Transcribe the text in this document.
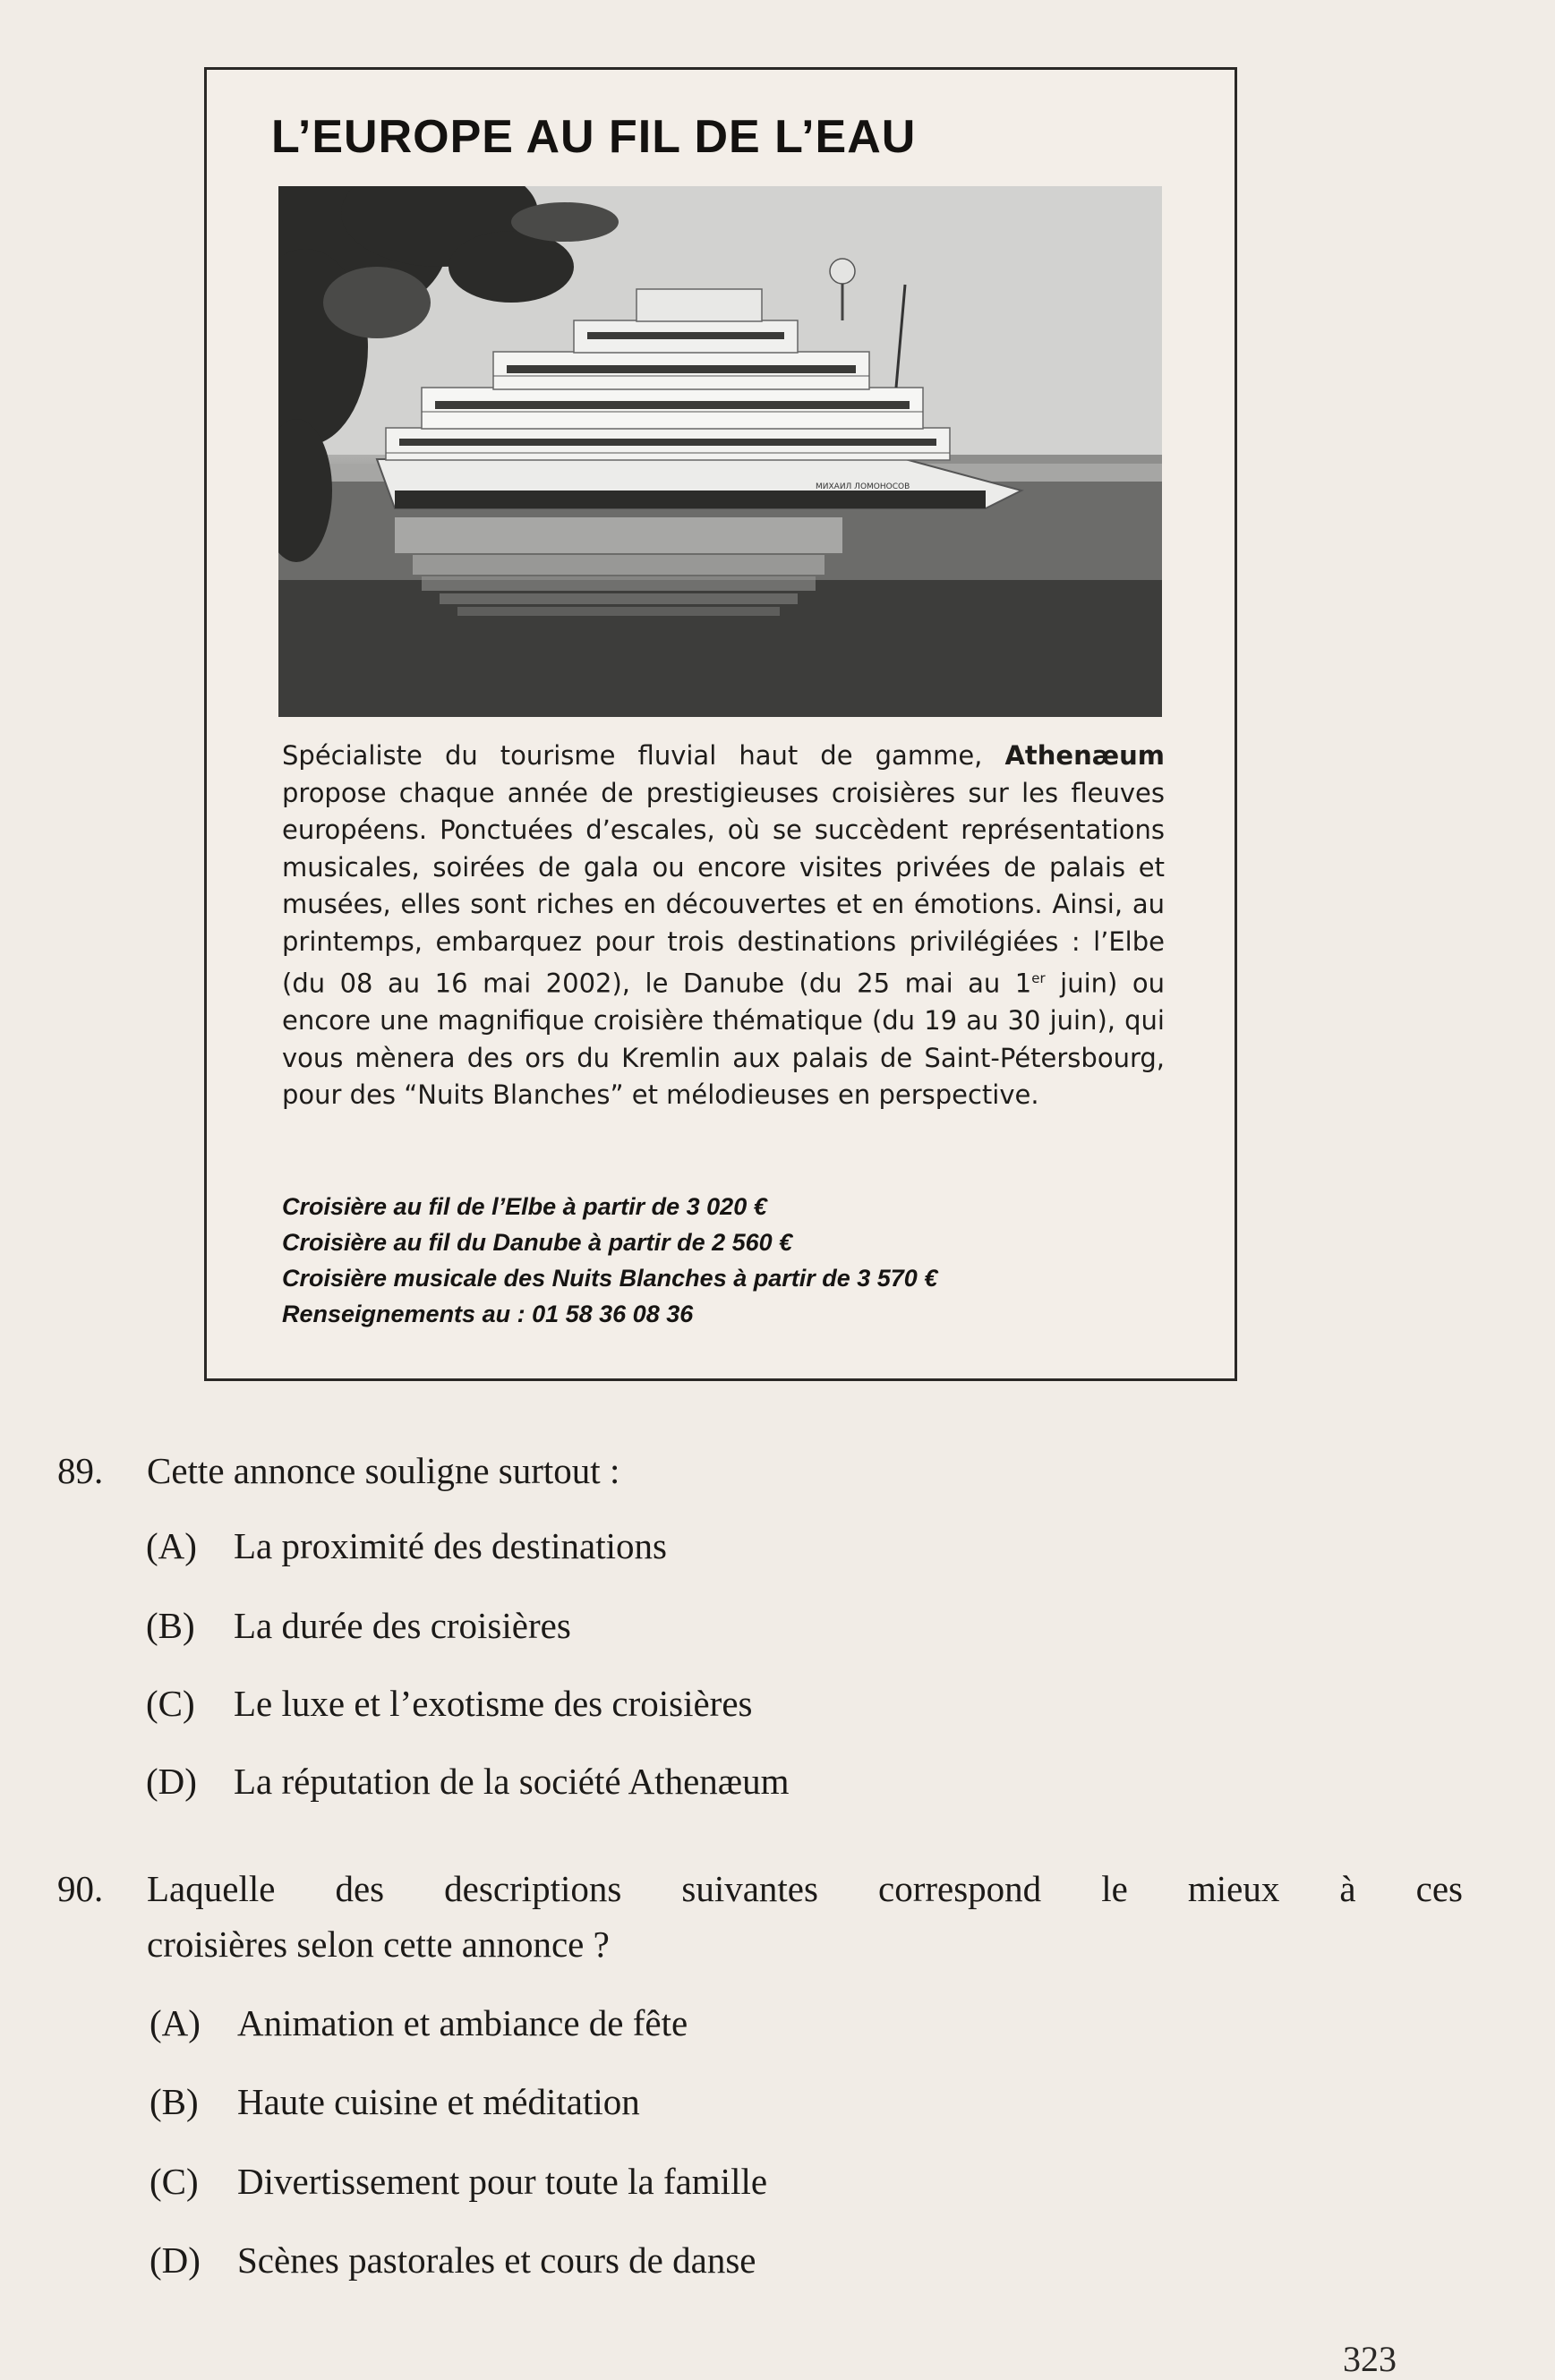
L’EUROPE AU FIL DE L’EAU
МИХАИЛ ЛОМОНОСОВ

Spécialiste du tourisme fluvial haut de gamme, Athenæum propose chaque année de prestigieuses croisières sur les fleuves européens. Ponctuées d’escales, où se succèdent représentations musicales, soirées de gala ou encore visites privées de palais et musées, elles sont riches en découvertes et en émotions. Ainsi, au printemps, embarquez pour trois destinations privilégiées : l’Elbe (du 08 au 16 mai 2002), le Danube (du 25 mai au 1er juin) ou encore une magnifique croisière thématique (du 19 au 30 juin), qui vous mènera des ors du Kremlin aux palais de Saint-Pétersbourg, pour des “Nuits Blanches” et mélodieuses en perspective.

Croisière au fil de l’Elbe à partir de 3 020 €
Croisière au fil du Danube à partir de 2 560 €
Croisière musicale des Nuits Blanches à partir de 3 570 €
Renseignements au : 01 58 36 08 36
89. Cette annonce souligne surtout :
(A) La proximité des destinations
(B) La durée des croisières
(C) Le luxe et l’exotisme des croisières
(D) La réputation de la société Athenæum
90. Laquelle des descriptions suivantes correspond le mieux à ces
croisières selon cette annonce ?
(A) Animation et ambiance de fête
(B) Haute cuisine et méditation
(C) Divertissement pour toute la famille
(D) Scènes pastorales et cours de danse
323
